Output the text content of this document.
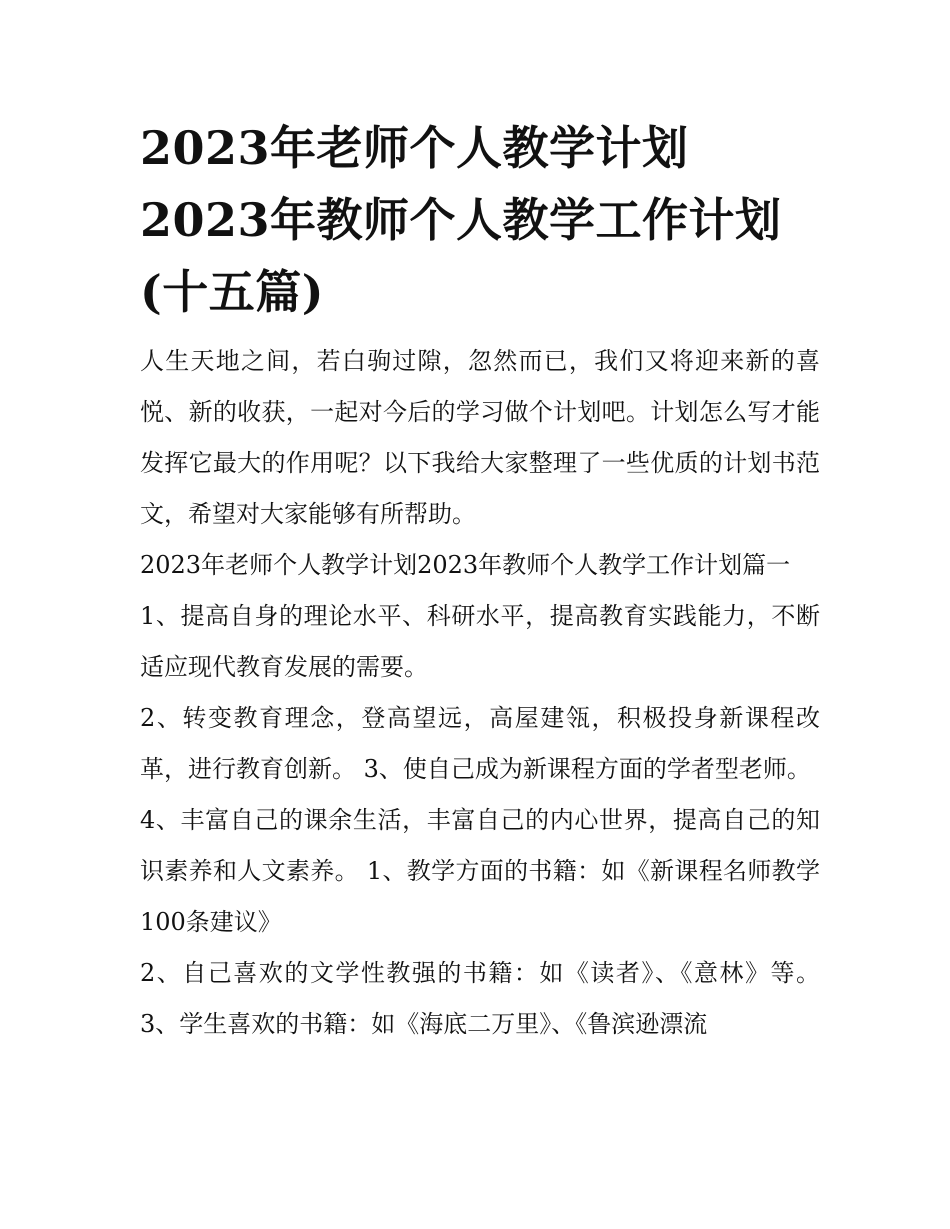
2023年老师个人教学计划
2023年教师个人教学工作计划
(十五篇)

人生天地之间，若白驹过隙，忽然而已，我们又将迎来新的喜悦、新的收获，一起对今后的学习做个计划吧。计划怎么写才能发挥它最大的作用呢？以下我给大家整理了一些优质的计划书范文，希望对大家能够有所帮助。

2023年老师个人教学计划2023年教师个人教学工作计划篇一

1、提高自身的理论水平、科研水平，提高教育实践能力，不断适应现代教育发展的需要。

2、转变教育理念，登高望远，高屋建瓴，积极投身新课程改革，进行教育创新。 3、使自己成为新课程方面的学者型老师。

4、丰富自己的课余生活，丰富自己的内心世界，提高自己的知识素养和人文素养。 1、教学方面的书籍：如《新课程名师教学100条建议》

2、自己喜欢的文学性教强的书籍：如《读者》、《意林》等。 3、学生喜欢的书籍：如《海底二万里》、《鲁滨逊漂流
